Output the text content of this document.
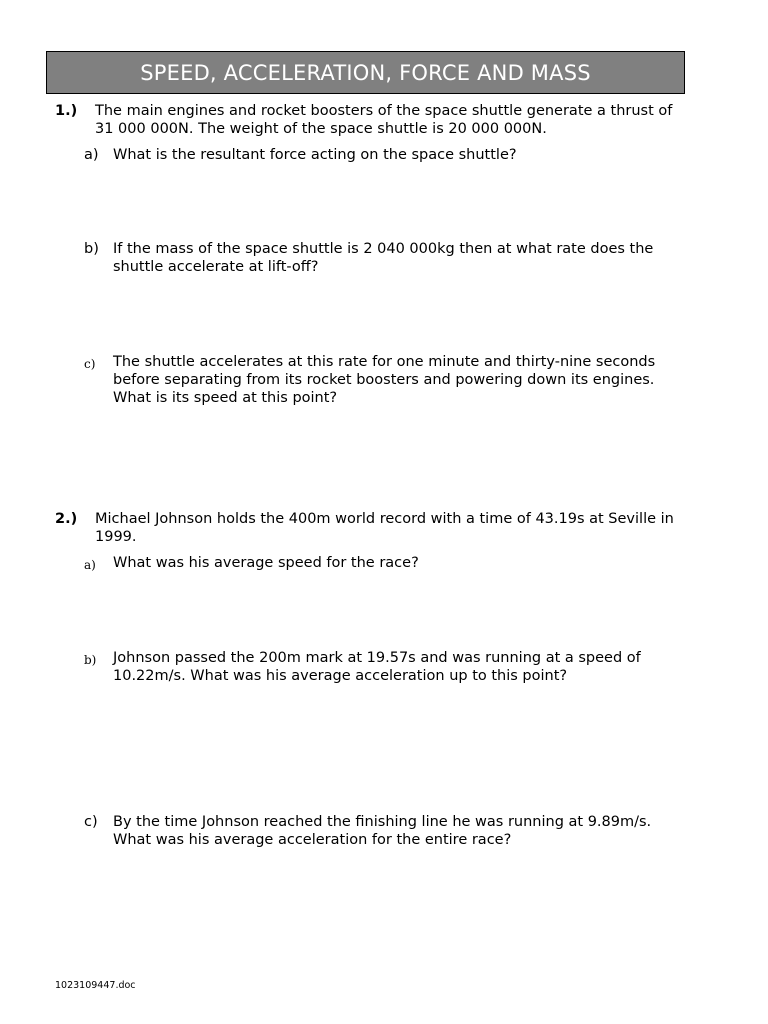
SPEED, ACCELERATION, FORCE AND MASS
1.) The main engines and rocket boosters of the space shuttle generate a thrust of 31 000 000N. The weight of the space shuttle is 20 000 000N.
a) What is the resultant force acting on the space shuttle?
b) If the mass of the space shuttle is 2 040 000kg then at what rate does the shuttle accelerate at lift-off?
c) The shuttle accelerates at this rate for one minute and thirty-nine seconds before separating from its rocket boosters and powering down its engines. What is its speed at this point?
2.) Michael Johnson holds the 400m world record with a time of 43.19s at Seville in 1999.
a) What was his average speed for the race?
b) Johnson passed the 200m mark at 19.57s and was running at a speed of 10.22m/s. What was his average acceleration up to this point?
c) By the time Johnson reached the finishing line he was running at 9.89m/s. What was his average acceleration for the entire race?
1023109447.doc
